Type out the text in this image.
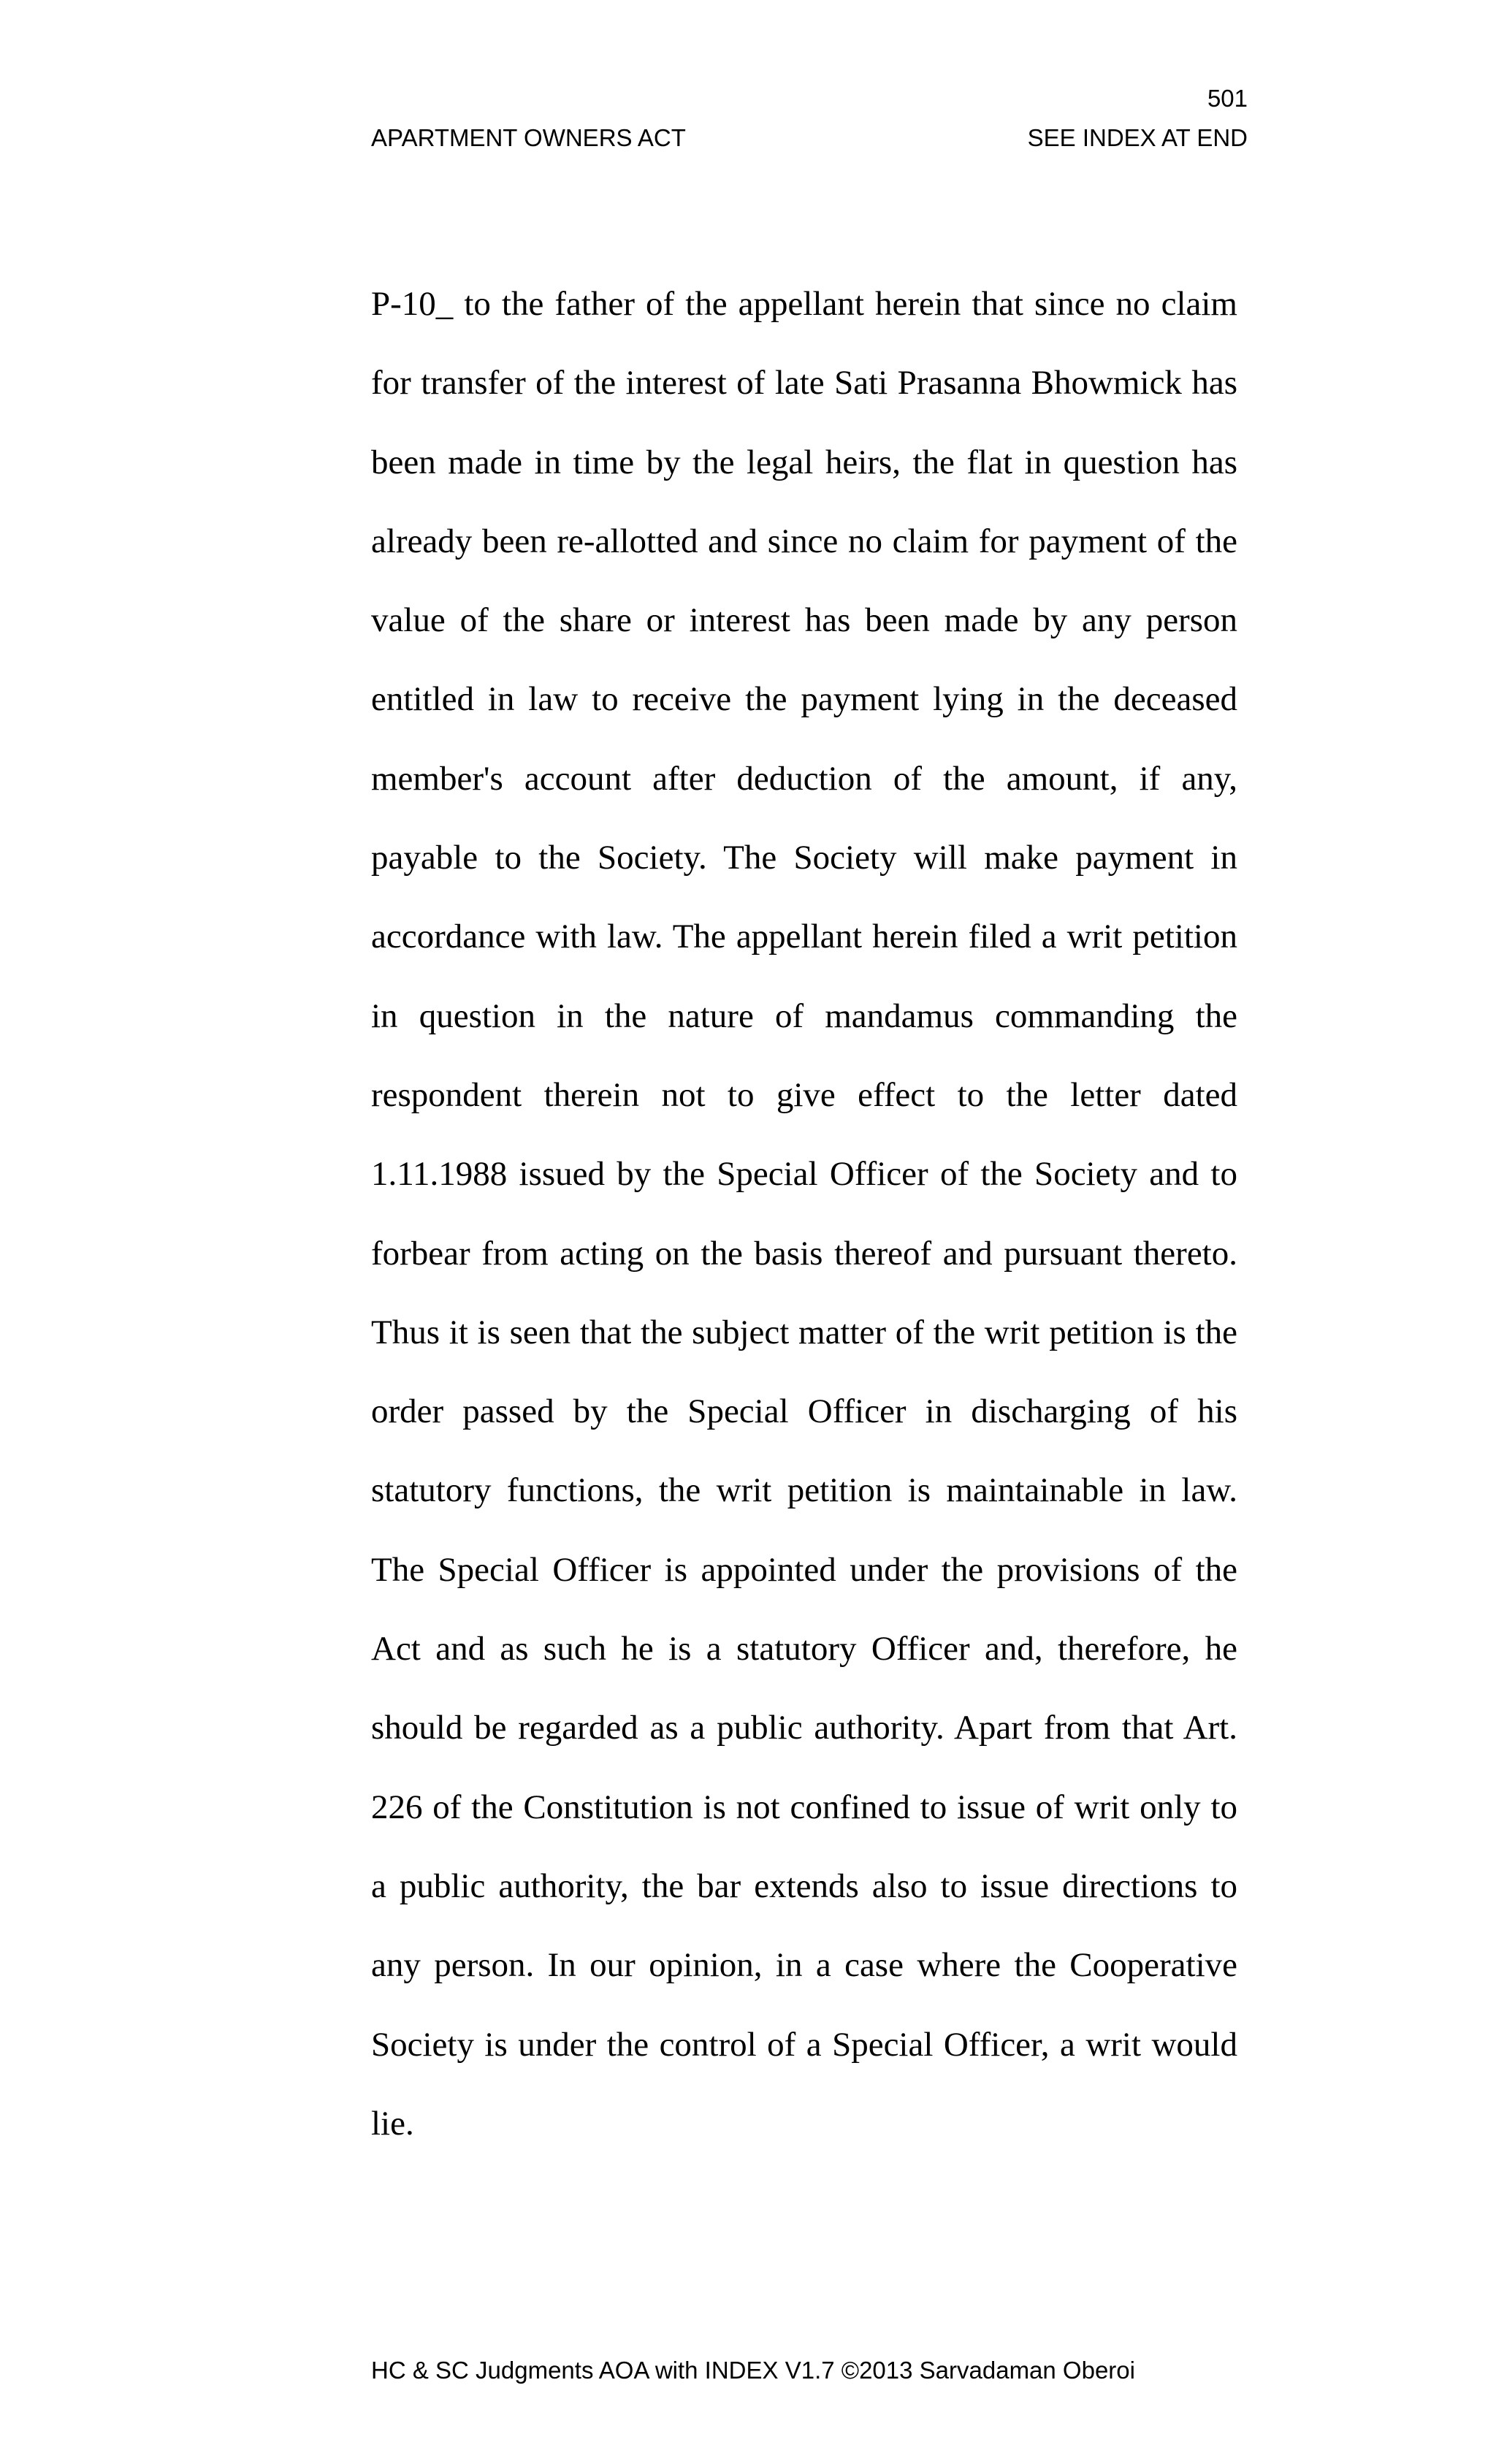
501
APARTMENT OWNERS ACT	SEE INDEX AT END

P-10_ to the father of the appellant herein that since no claim for transfer of the interest of late Sati Prasanna Bhowmick has been made in time by the legal heirs, the flat in question has already been re-allotted and since no claim for payment of the value of the share or interest has been made by any person entitled in law to receive the payment lying in the deceased member's account after deduction of the amount, if any, payable to the Society. The Society will make payment in accordance with law. The appellant herein filed a writ petition in question in the nature of mandamus commanding the respondent therein not to give effect to the letter dated 1.11.1988 issued by the Special Officer of the Society and to forbear from acting on the basis thereof and pursuant thereto. Thus it is seen that the subject matter of the writ petition is the order passed by the Special Officer in discharging of his statutory functions, the writ petition is maintainable in law. The Special Officer is appointed under the provisions of the Act and as such he is a statutory Officer and, therefore, he should be regarded as a public authority. Apart from that Art. 226 of the Constitution is not confined to issue of writ only to a public authority, the bar extends also to issue directions to any person. In our opinion, in a case where the Cooperative Society is under the control of a Special Officer, a writ would lie.

HC & SC Judgments AOA with INDEX V1.7 ©2013 Sarvadaman Oberoi
